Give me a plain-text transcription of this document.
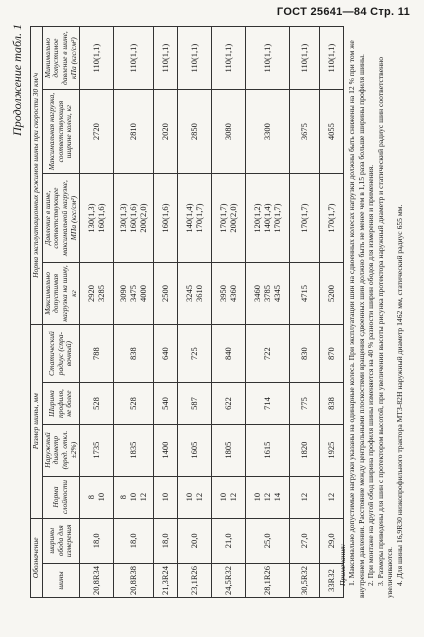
ГОСТ 25641—84 Стр. 11
Продолжение табл. 1
Обозначение		Размер шины, мм				Норма эксплуатационных режимов шины при скорости 30 км/ч			
шины	ширины обода для измерения	Норма слойности	Наружный диаметр (пред. откл. ±2%)	Ширина профиля, не более	Статический радиус (спра-вочный)	Максимально допустимая нагрузка на шину, кг	Давление в шине, соответствующее максимальной нагрузке, МПа (кгс/см²)	Максимальная нагрузка, соответствующая ширине колеи, кг	Минимально допустимое давление в шине, кПа (кгс/см²)
20,8R34	18,0	8 10	1735	528	788	2920 3285	130(1,3) 160(1,6)	2720	110(1,1)
20,8R38	18,0	8 10 12	1835	528	838	3090 3475 4000	130(1,3) 160(1,6) 200(2,0)	2810	110(1,1)
21,3R24	18,0	10	1400	540	640	2500	160(1,6)	2020	110(1,1)
23,1R26	20,0	10 12	1605	587	725	3245 3610	140(1,4) 170(1,7)	2850	110(1,1)
24,5R32	21,0	10 12	1805	622	840	3950 4360	170(1,7) 200(2,0)	3080	110(1,1)
28,1R26	25,0	10 12 14	1615	714	722	3460 3785 4345	120(1,2) 140(1,4) 170(1,7)	3300	110(1,1)
30,5R32	27,0	12	1820	775	830	4715	170(1,7)	3675	110(1,1)
33R32	29,0	12	1925	838	870	5200	170(1,7)	4055	110(1,1)

Примечания: 1. Максимально допустимые нагрузки указаны на одинарные колеса. При эксплуатации шин на сдвоенных колесах нагрузки должны быть снижены на 12 % при том же внутреннем давлении. Расстояние между центральными плоскостями вращения сдвоенных шин должно быть не менее чем в 1,15 раза больше ширины профиля шины. 2. При монтаже на другой обод ширина профиля шины изменяется на 40 % разности ширин ободов для измерения и применения. 3. Размеры приведены для шин с протектором высотой, при увеличении высоты рисунка протектора наружный диаметр и статический радиус шин соответственно увеличиваются. 4. Для шины 16,9R30 низкопрофильного трактора МТЗ-82Н наружный диаметр 1462 мм, статический радиус 655 мм.
